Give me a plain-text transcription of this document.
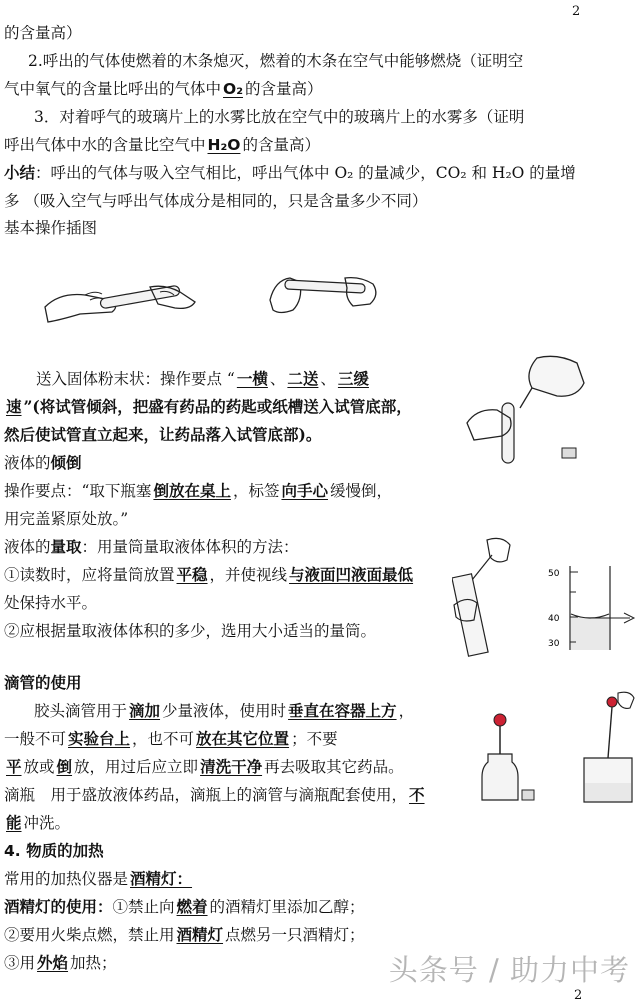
2
2
的含量高）
2.呼出的气体使燃着的木条熄灭，燃着的木条在空气中能够燃烧（证明空
气中氧气的含量比呼出的气体中 O₂ 的含量高）
3．对着呼气的玻璃片上的水雾比放在空气中的玻璃片上的水雾多（证明
呼出气体中水的含量比空气中 H₂O 的含量高）
小结：呼出的气体与吸入空气相比，呼出气体中 O₂ 的量减少，CO₂ 和 H₂O 的量增
多 （吸入空气与呼出气体成分是相同的，只是含量多少不同）
基本操作插图
送入固体粉末状：操作要点 “ 一横 、 二送 、 三缓
速 ”(将试管倾斜，把盛有药品的药匙或纸槽送入试管底部，
然后使试管直立起来，让药品落入试管底部)。
液体的倾倒
操作要点：“取下瓶塞 倒放在桌上 ，标签 向手心 缓慢倒，
用完盖紧原处放。”
液体的量取：用量筒量取液体体积的方法：
①读数时，应将量筒放置 平稳 ，并使视线 与液面凹液面最低
处保持水平。
②应根据量取液体体积的多少，选用大小适当的量筒。
50
40
30
滴管的使用
胶头滴管用于 滴加 少量液体，使用时 垂直在容器上方 ，
一般不可 实验台上 ，也不可 放在其它位置 ；不要
平 放或 倒 放，用过后应立即 清洗干净 再去吸取其它药品。
滴瓶　用于盛放液体药品，滴瓶上的滴管与滴瓶配套使用， 不
能 冲洗。
4. 物质的加热
常用的加热仪器是 酒精灯：
酒精灯的使用：①禁止向 燃着 的酒精灯里添加乙醇；
②要用火柴点燃，禁止用 酒精灯 点燃另一只酒精灯；
③用 外焰 加热；	头条号 / 助力中考
